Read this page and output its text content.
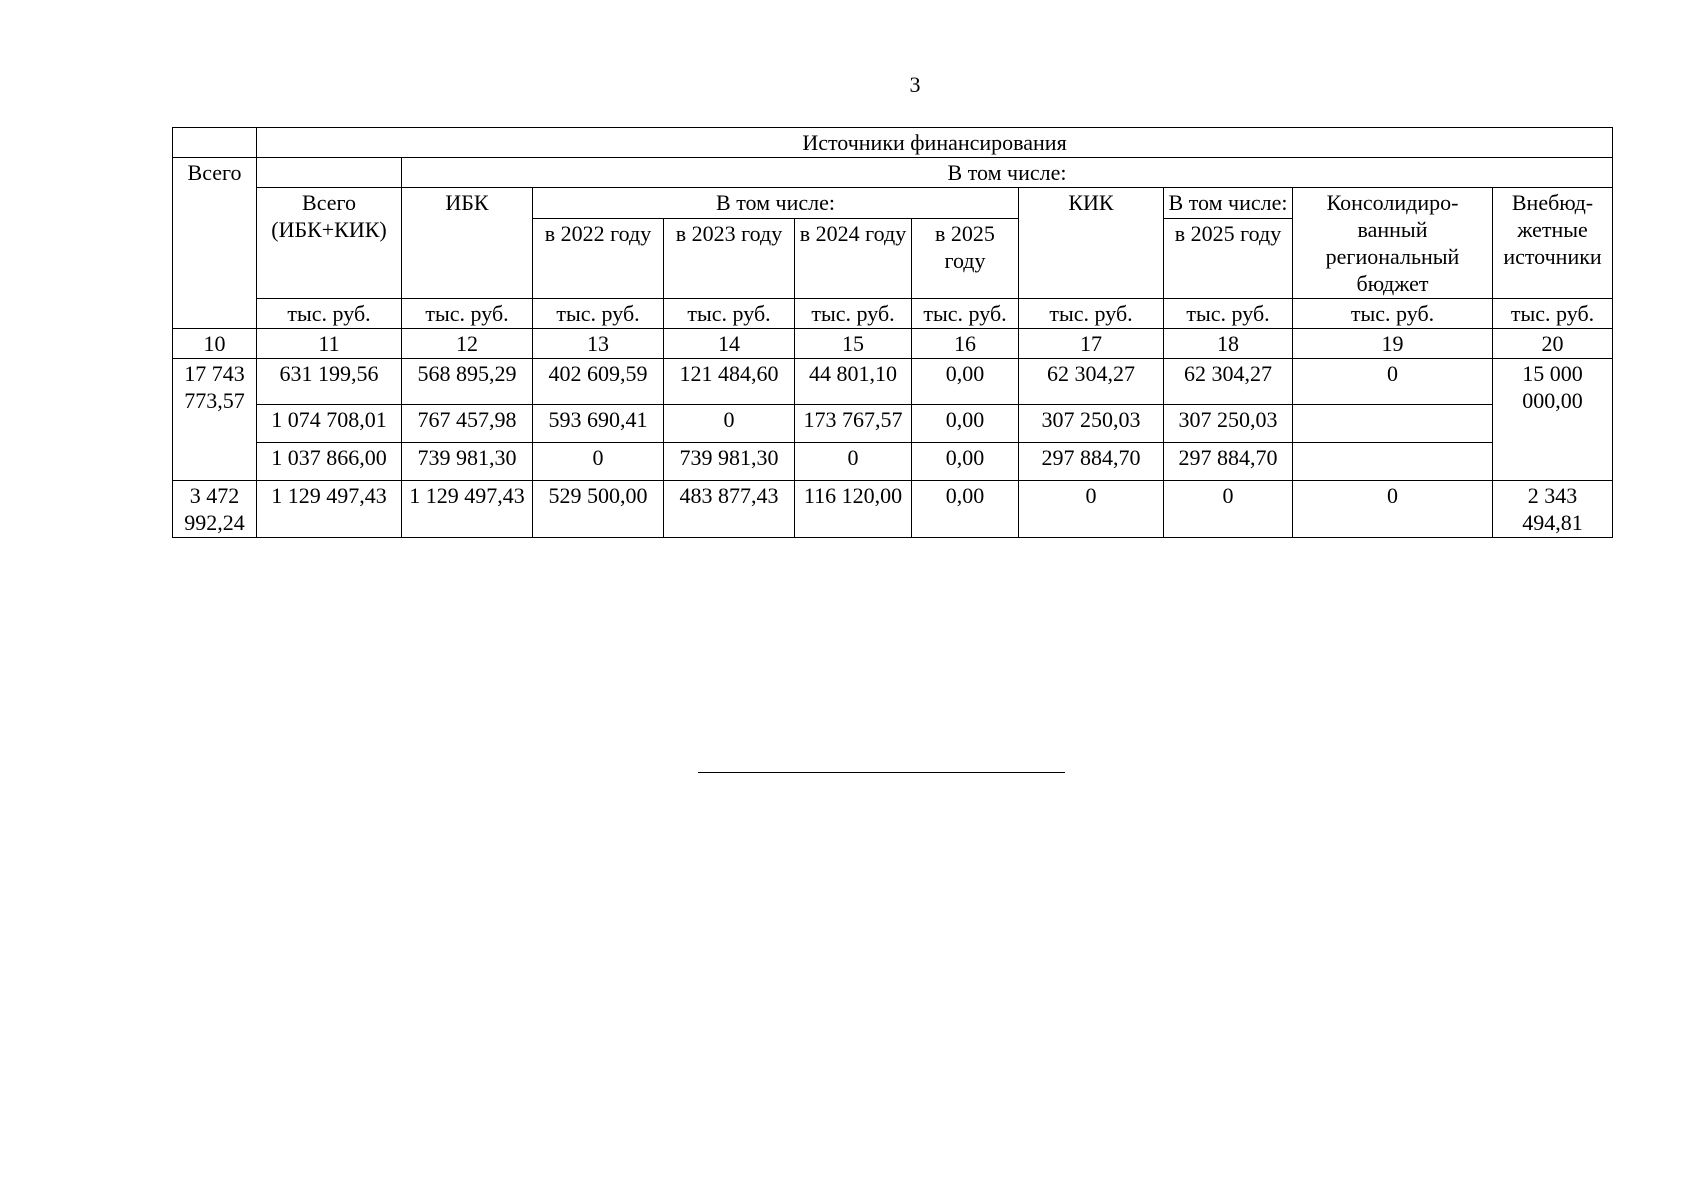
3
	Источники финансирования									
Всего		В том числе:								
	Всего (ИБК+КИК)	ИБК	В том числе:				КИК	В том числе:	Консолидиро-ванный региональный бюджет	Внебюд-жетные источники
			в 2022 году	в 2023 году	в 2024 году	в 2025 году		в 2025 году		
	тыс. руб.	тыс. руб.	тыс. руб.	тыс. руб.	тыс. руб.	тыс. руб.	тыс. руб.	тыс. руб.	тыс. руб.	тыс. руб.
10	11	12	13	14	15	16	17	18	19	20
17 743 773,57	631 199,56	568 895,29	402 609,59	121 484,60	44 801,10	0,00	62 304,27	62 304,27	0	15 000 000,00
	1 074 708,01	767 457,98	593 690,41	0	173 767,57	0,00	307 250,03	307 250,03		
	1 037 866,00	739 981,30	0	739 981,30	0	0,00	297 884,70	297 884,70		
3 472 992,24	1 129 497,43	1 129 497,43	529 500,00	483 877,43	116 120,00	0,00	0	0	0	2 343 494,81
